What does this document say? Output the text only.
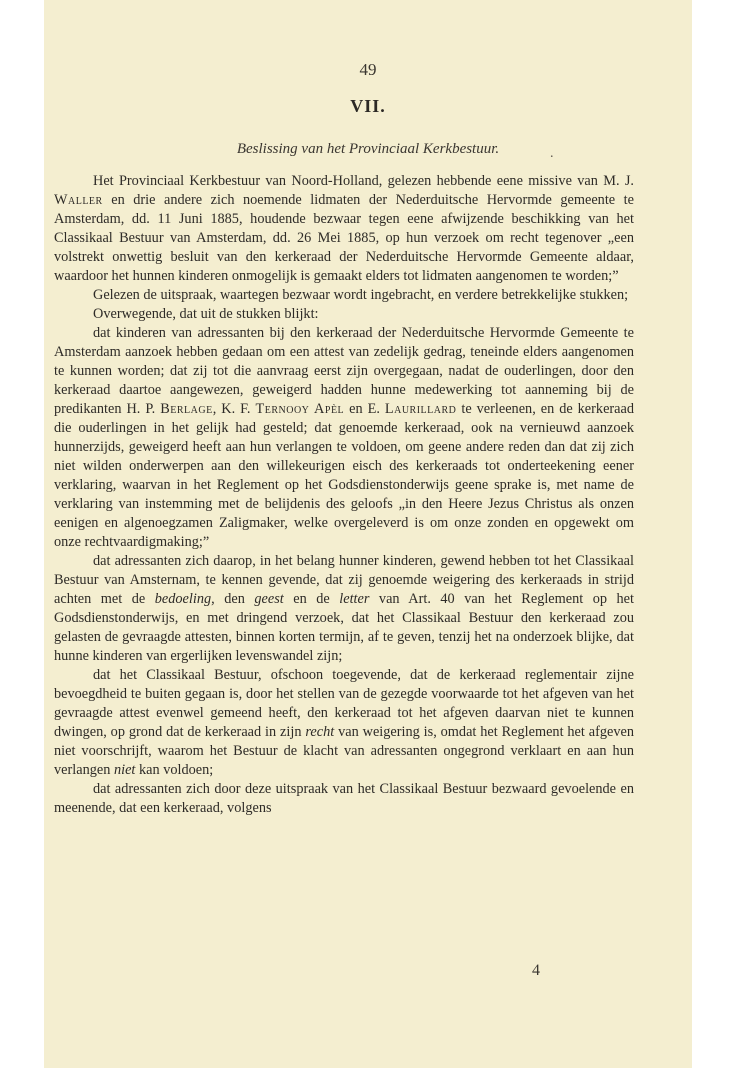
49
VII.
Beslissing van het Provinciaal Kerkbestuur.	.

Het Provinciaal Kerkbestuur van Noord-Holland, gelezen hebbende eene missive van M. J. Waller en drie andere zich noemende lidmaten der Nederduitsche Hervormde gemeente te Amsterdam, dd. 11 Juni 1885, houdende bezwaar tegen eene afwijzende beschikking van het Classikaal Bestuur van Amsterdam, dd. 26 Mei 1885, op hun verzoek om recht tegenover „een volstrekt onwettig besluit van den kerkeraad der Nederduitsche Hervormde Gemeente aldaar, waardoor het hunnen kinderen onmogelijk is gemaakt elders tot lidmaten aangenomen te worden;”

Gelezen de uitspraak, waartegen bezwaar wordt ingebracht, en verdere betrekkelijke stukken;

Overwegende, dat uit de stukken blijkt:

dat kinderen van adressanten bij den kerkeraad der Nederduitsche Hervormde Gemeente te Amsterdam aanzoek hebben gedaan om een attest van zedelijk gedrag, teneinde elders aangenomen te kunnen worden; dat zij tot die aanvraag eerst zijn overgegaan, nadat de ouderlingen, door den kerkeraad daartoe aangewezen, geweigerd hadden hunne medewerking tot aanneming bij de predikanten H. P. Berlage, K. F. Ternooy Apèl en E. Laurillard te verleenen, en de kerkeraad die ouderlingen in het gelijk had gesteld; dat genoemde kerkeraad, ook na vernieuwd aanzoek hunnerzijds, geweigerd heeft aan hun verlangen te voldoen, om geene andere reden dan dat zij zich niet wilden onderwerpen aan den willekeurigen eisch des kerkeraads tot onderteekening eener verklaring, waarvan in het Reglement op het Godsdienstonderwijs geene sprake is, met name de verklaring van instemming met de belijdenis des geloofs „in den Heere Jezus Christus als onzen eenigen en algenoegzamen Zaligmaker, welke overgeleverd is om onze zonden en opgewekt om onze rechtvaardigmaking;”

dat adressanten zich daarop, in het belang hunner kinderen, gewend hebben tot het Classikaal Bestuur van Amsternam, te kennen gevende, dat zij genoemde weigering des kerkeraads in strijd achten met de bedoeling, den geest en de letter van Art. 40 van het Reglement op het Godsdienstonderwijs, en met dringend verzoek, dat het Classikaal Bestuur den kerkeraad zou gelasten de gevraagde attesten, binnen korten termijn, af te geven, tenzij het na onderzoek blijke, dat hunne kinderen van ergerlijken levenswandel zijn;

dat het Classikaal Bestuur, ofschoon toegevende, dat de kerkeraad reglementair zijne bevoegdheid te buiten gegaan is, door het stellen van de gezegde voorwaarde tot het afgeven van het gevraagde attest evenwel gemeend heeft, den kerkeraad tot het afgeven daarvan niet te kunnen dwingen, op grond dat de kerkeraad in zijn recht van weigering is, omdat het Reglement het afgeven niet voorschrijft, waarom het Bestuur de klacht van adressanten ongegrond verklaart en aan hun verlangen niet kan voldoen;

dat adressanten zich door deze uitspraak van het Classikaal Bestuur bezwaard gevoelende en meenende, dat een kerkeraad, volgens

4
